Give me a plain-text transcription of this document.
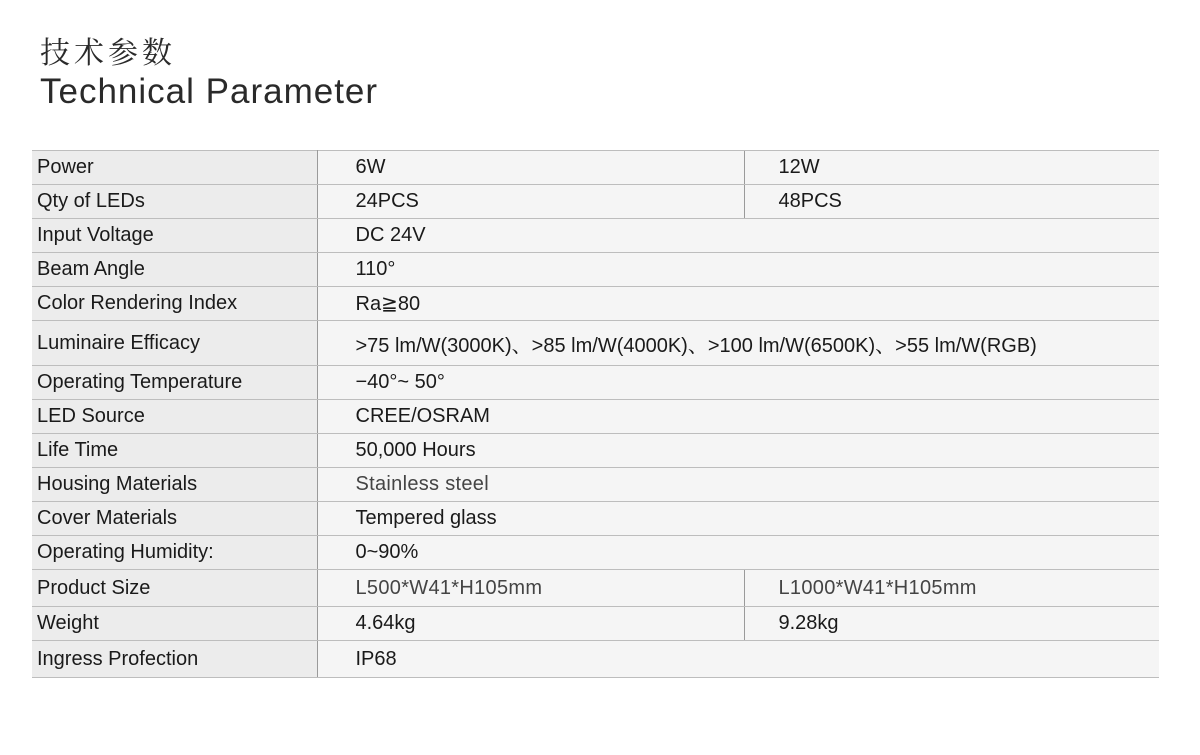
技术参数
Technical Parameter
Power	6W	12W
Qty of LEDs	24PCS	48PCS
Input Voltage	DC 24V	
Beam Angle	110°	
Color Rendering Index	Ra≧80	
Luminaire Efficacy	>75 lm/W(3000K)、>85 lm/W(4000K)、>100 lm/W(6500K)、>55 lm/W(RGB)	
Operating Temperature	−40°~ 50°	
LED Source	CREE/OSRAM	
Life Time	50,000 Hours	
Housing Materials	Stainless steel	
Cover Materials	Tempered glass	
Operating Humidity:	0~90%	
Product Size	L500*W41*H105mm	L1000*W41*H105mm
Weight	4.64kg	9.28kg
Ingress Profection	IP68	
